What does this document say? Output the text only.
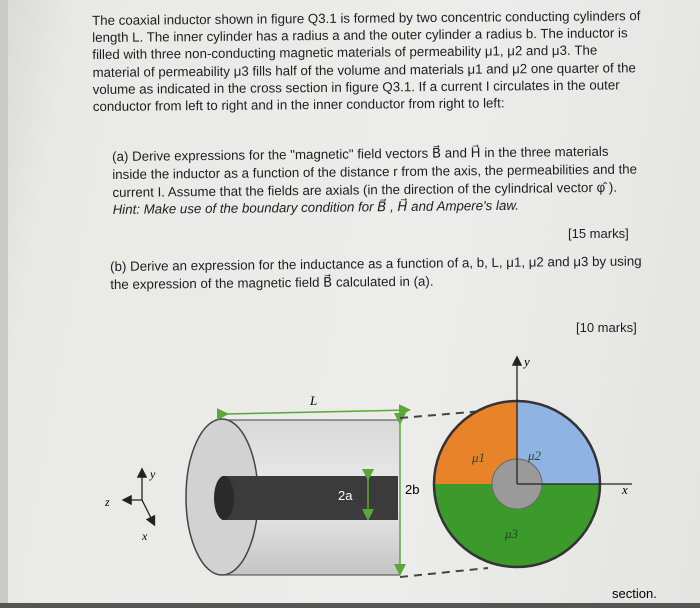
The coaxial inductor shown in figure Q3.1 is formed by two concentric conducting cylinders of length L. The inner cylinder has a radius a and the outer cylinder a radius b. The inductor is filled with three non-conducting magnetic materials of permeability μ1, μ2 and μ3. The material of permeability μ3 fills half of the volume and materials μ1 and μ2 one quarter of the volume as indicated in the cross section in figure Q3.1. If a current I circulates in the outer conductor from left to right and in the inner conductor from right to left:
(a) Derive expressions for the "magnetic" field vectors B⃗ and H⃗ in the three materials inside the inductor as a function of the distance r from the axis, the permeabilities and the current I. Assume that the fields are axials (in the direction of the cylindrical vector φ̂ ). Hint: Make use of the boundary condition for B⃗ , H⃗ and Ampere's law.
[15 marks]
(b) Derive an expression for the inductance as a function of a, b, L, μ1, μ2 and μ3 by using the expression of the magnetic field B⃗ calculated in (a).
[10 marks]
L
2a	2b
y
x
μ1	μ2
μ3
y
z
x
section.
